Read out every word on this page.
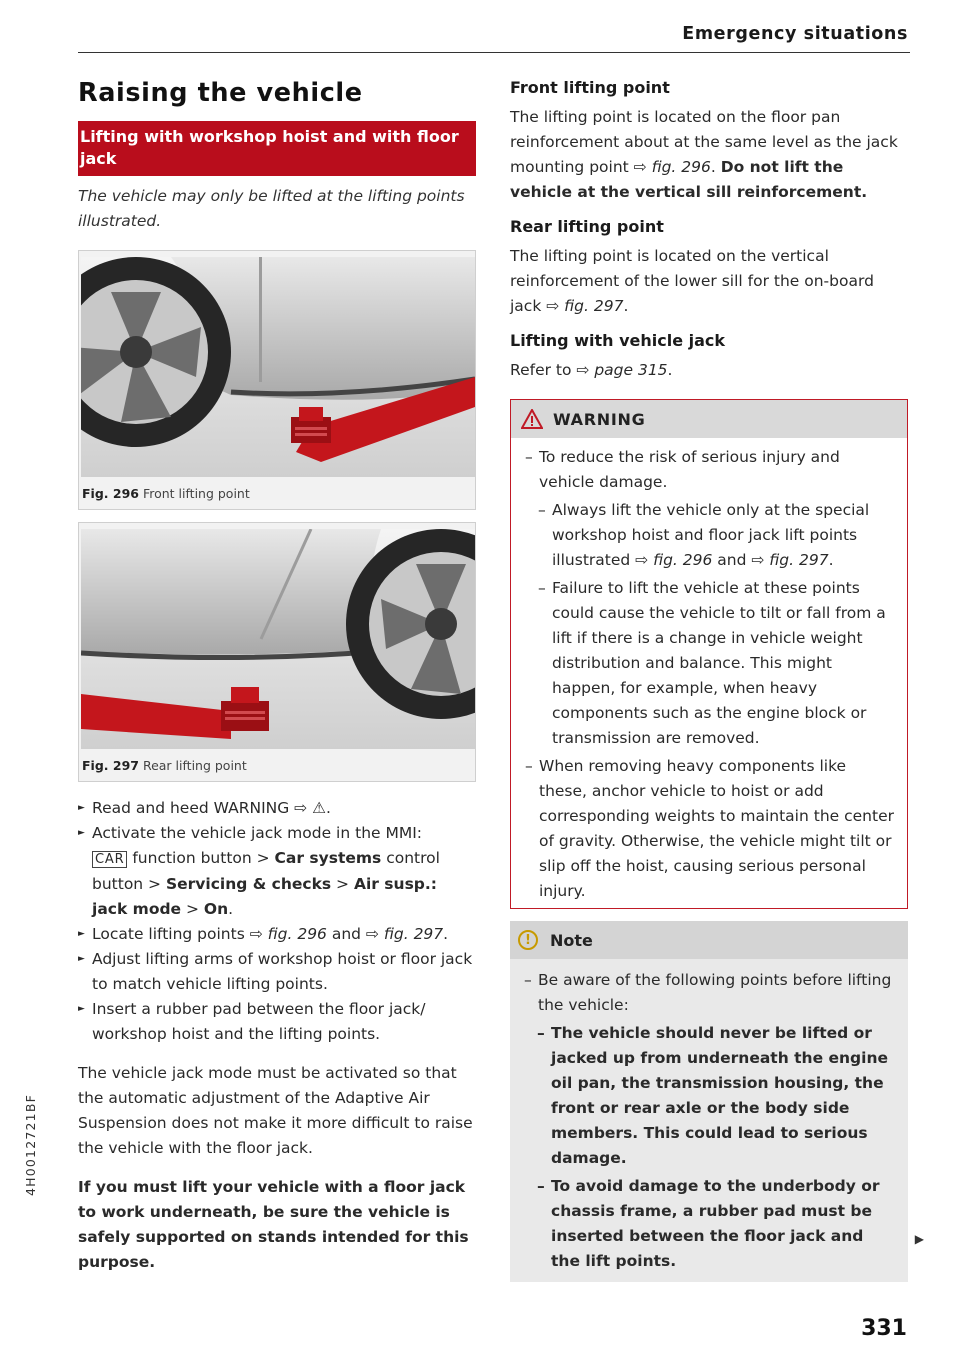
Emergency situations
4H0012721BF
Raising the vehicle
Lifting with workshop hoist and with floor jack

The vehicle may only be lifted at the lifting points illustrated.

Fig. 296 Front lifting point
Fig. 297 Rear lifting point
► Read and heed WARNING ⇨ ⚠.
► Activate the vehicle jack mode in the MMI:
CAR function button > Car systems control button > Servicing & checks > Air susp.: jack mode > On.
► Locate lifting points ⇨ fig. 296 and ⇨ fig. 297.
► Adjust lifting arms of workshop hoist or floor jack to match vehicle lifting points.
► Insert a rubber pad between the floor jack/ workshop hoist and the lifting points.

The vehicle jack mode must be activated so that the automatic adjustment of the Adaptive Air Suspension does not make it more difficult to raise the vehicle with the floor jack.

If you must lift your vehicle with a floor jack to work underneath, be sure the vehicle is safely supported on stands intended for this purpose.

Front lifting point

The lifting point is located on the floor pan reinforcement about at the same level as the jack mounting point ⇨ fig. 296. Do not lift the vehicle at the vertical sill reinforcement.

Rear lifting point

The lifting point is located on the vertical reinforcement of the lower sill for the on-board jack ⇨ fig. 297.

Lifting with vehicle jack

Refer to ⇨ page 315.

WARNING
– To reduce the risk of serious injury and vehicle damage.
– Always lift the vehicle only at the special workshop hoist and floor jack lift points illustrated ⇨ fig. 296 and ⇨ fig. 297.
– Failure to lift the vehicle at these points could cause the vehicle to tilt or fall from a lift if there is a change in vehicle weight distribution and balance. This might happen, for example, when heavy components such as the engine block or transmission are removed.
– When removing heavy components like these, anchor vehicle to hoist or add corresponding weights to maintain the center of gravity. Otherwise, the vehicle might tilt or slip off the hoist, causing serious personal injury.
!	Note
– Be aware of the following points before lifting the vehicle:
– The vehicle should never be lifted or jacked up from underneath the engine oil pan, the transmission housing, the front or rear axle or the body side members. This could lead to serious damage.
– To avoid damage to the underbody or chassis frame, a rubber pad must be inserted between the floor jack and the lift points.
▶
331
